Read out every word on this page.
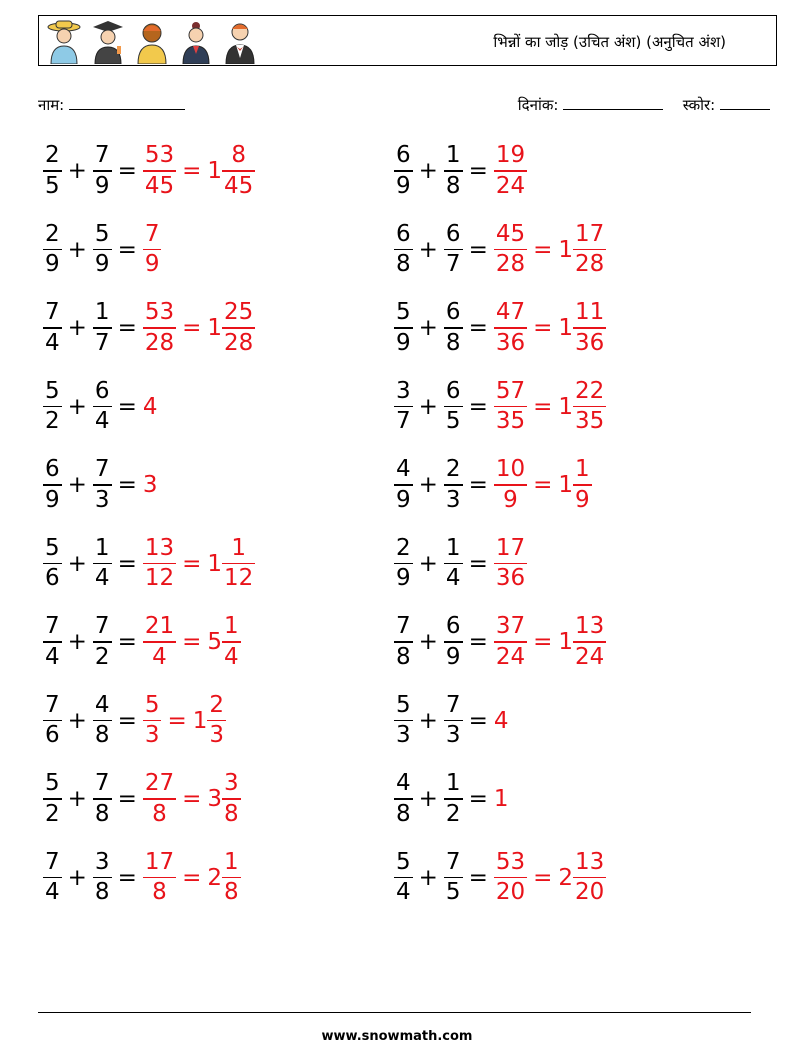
भिन्नों का जोड़ (उचित अंश) (अनुचित अंश)
नाम:	दिनांक:	स्कोर:
$\frac{2}{5} + \frac{7}{9} = \frac{53}{45} = 1 \frac{8}{45}$
$\frac{2}{9} + \frac{5}{9} = \frac{7}{9}$
$\frac{7}{4} + \frac{1}{7} = \frac{53}{28} = 1 \frac{25}{28}$
$\frac{5}{2} + \frac{6}{4} = 4$
$\frac{6}{9} + \frac{7}{3} = 3$
$\frac{5}{6} + \frac{1}{4} = \frac{13}{12} = 1 \frac{1}{12}$
$\frac{7}{4} + \frac{7}{2} = \frac{21}{4} = 5 \frac{1}{4}$
$\frac{7}{6} + \frac{4}{8} = \frac{5}{3} = 1 \frac{2}{3}$
$\frac{5}{2} + \frac{7}{8} = \frac{27}{8} = 3 \frac{3}{8}$
$\frac{7}{4} + \frac{3}{8} = \frac{17}{8} = 2 \frac{1}{8}$
$\frac{6}{9} + \frac{1}{8} = \frac{19}{24}$
$\frac{6}{8} + \frac{6}{7} = \frac{45}{28} = 1 \frac{17}{28}$
$\frac{5}{9} + \frac{6}{8} = \frac{47}{36} = 1 \frac{11}{36}$
$\frac{3}{7} + \frac{6}{5} = \frac{57}{35} = 1 \frac{22}{35}$
$\frac{4}{9} + \frac{2}{3} = \frac{10}{9} = 1 \frac{1}{9}$
$\frac{2}{9} + \frac{1}{4} = \frac{17}{36}$
$\frac{7}{8} + \frac{6}{9} = \frac{37}{24} = 1 \frac{13}{24}$
$\frac{5}{3} + \frac{7}{3} = 4$
$\frac{4}{8} + \frac{1}{2} = 1$
$\frac{5}{4} + \frac{7}{5} = \frac{53}{20} = 2 \frac{13}{20}$
www.snowmath.com
